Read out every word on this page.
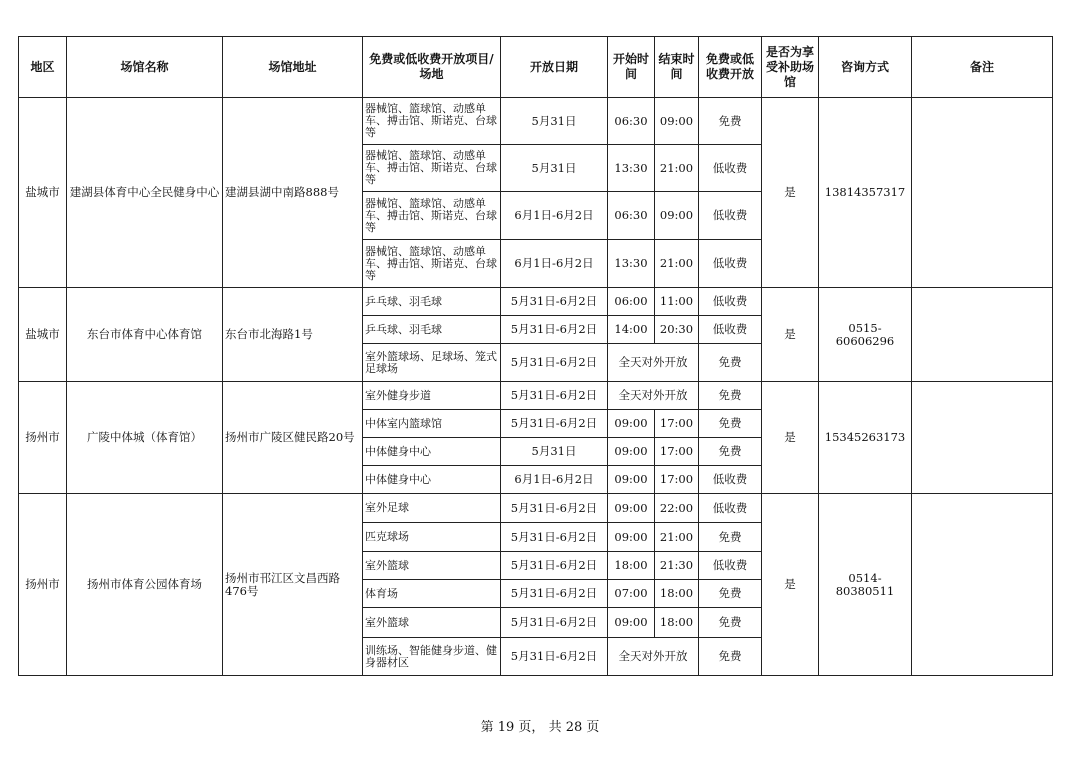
地区	场馆名称	场馆地址	免费或低收费开放项目/场地	开放日期	开始时间	结束时间	免费或低收费开放	是否为享受补助场馆	咨询方式	备注
盐城市	建湖县体育中心全民健身中心	建湖县湖中南路888号	器械馆、篮球馆、动感单车、搏击馆、斯诺克、台球等	5月31日	06:30	09:00	免费	是	13814357317	
			器械馆、篮球馆、动感单车、搏击馆、斯诺克、台球等	5月31日	13:30	21:00	低收费			
			器械馆、篮球馆、动感单车、搏击馆、斯诺克、台球等	6月1日-6月2日	06:30	09:00	低收费			
			器械馆、篮球馆、动感单车、搏击馆、斯诺克、台球等	6月1日-6月2日	13:30	21:00	低收费			
盐城市	东台市体育中心体育馆	东台市北海路1号	乒乓球、羽毛球	5月31日-6月2日	06:00	11:00	低收费	是	0515-60606296	
			乒乓球、羽毛球	5月31日-6月2日	14:00	20:30	低收费			
			室外篮球场、足球场、笼式足球场	5月31日-6月2日	全天对外开放		免费			
扬州市	广陵中体城（体育馆）	扬州市广陵区健民路20号	室外健身步道	5月31日-6月2日	全天对外开放		免费	是	15345263173	
			中体室内篮球馆	5月31日-6月2日	09:00	17:00	免费			
			中体健身中心	5月31日	09:00	17:00	免费			
			中体健身中心	6月1日-6月2日	09:00	17:00	低收费			
扬州市	扬州市体育公园体育场	扬州市邗江区文昌西路476号	室外足球	5月31日-6月2日	09:00	22:00	低收费	是	0514-80380511	
			匹克球场	5月31日-6月2日	09:00	21:00	免费			
			室外篮球	5月31日-6月2日	18:00	21:30	低收费			
			体育场	5月31日-6月2日	07:00	18:00	免费			
			室外篮球	5月31日-6月2日	09:00	18:00	免费			
			训练场、智能健身步道、健身器材区	5月31日-6月2日	全天对外开放		免费			
第 19 页， 共 28 页
